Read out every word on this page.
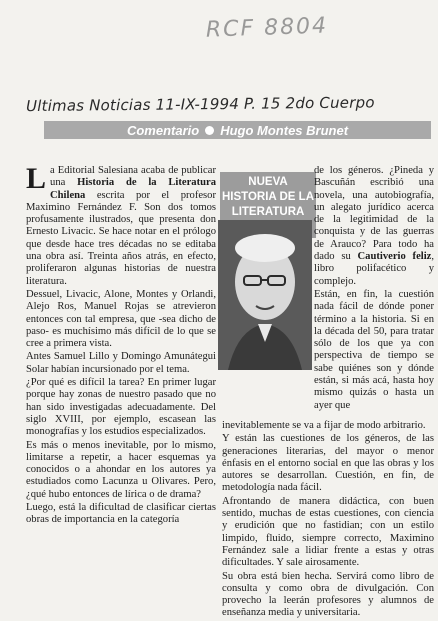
RCF 8804
Ultimas Noticias 11-IX-1994 P. 15 2do Cuerpo
Comentario Hugo Montes Brunet

La Editorial Salesiana acaba de publicar una Historia de la Literatura Chilena escrita por el profesor Maximino Fernández F. Son dos tomos profusamente ilustrados, que presenta don Ernesto Livacic. Se hace notar en el prólogo que desde hace tres décadas no se editaba una obra así. Treinta años atrás, en efecto, proliferaron algunas historias de nuestra literatura.

Dessuel, Livacic, Alone, Montes y Orlandi, Alejo Ros, Manuel Rojas se atrevieron entonces con tal empresa, que -sea dicho de paso- es muchísimo más difícil de lo que se cree a primera vista.

Antes Samuel Lillo y Domingo Amunátegui Solar habían incursionado por el tema.

¿Por qué es difícil la tarea? En primer lugar porque hay zonas de nuestro pasado que no han sido investigadas adecuadamente. Del siglo XVIII, por ejemplo, escasean las monografías y los estudios especializados.

Es más o menos inevitable, por lo mismo, limitarse a repetir, a hacer esquemas ya conocidos o a ahondar en los autores ya estudiados como Lacunza u Olivares. Pero, ¿qué hubo entonces de lírica o de drama?

Luego, está la dificultad de clasificar ciertas obras de importancia en la categoría

NUEVA HISTORIA DE LA LITERATURA

de los géneros. ¿Pineda y Bascuñán escribió una novela, una autobiografía, un alegato jurídico acerca de la legitimidad de la conquista y de las guerras de Arauco? Para todo ha dado su Cautiverio feliz, libro polifacético y complejo.

Están, en fin, la cuestión nada fácil de dónde poner término a la historia. Si en la década del 50, para tratar sólo de los que ya con perspectiva de tiempo se sabe quiénes son y dónde están, si más acá, hasta hoy mismo quizás o hasta un ayer que

inevitablemente se va a fijar de modo arbitrario.

Y están las cuestiones de los géneros, de las generaciones literarias, del mayor o menor énfasis en el entorno social en que las obras y los autores se desarrollan. Cuestión, en fin, de metodología nada fácil.

Afrontando de manera didáctica, con buen sentido, muchas de estas cuestiones, con ciencia y erudición que no fastidian; con un estilo limpido, fluido, siempre correcto, Maximino Fernández sale a lidiar frente a estas y otras dificultades. Y sale airosamente.

Su obra está bien hecha. Servirá como libro de consulta y como obra de divulgación. Con provecho la leerán profesores y alumnos de enseñanza media y universitaria.
